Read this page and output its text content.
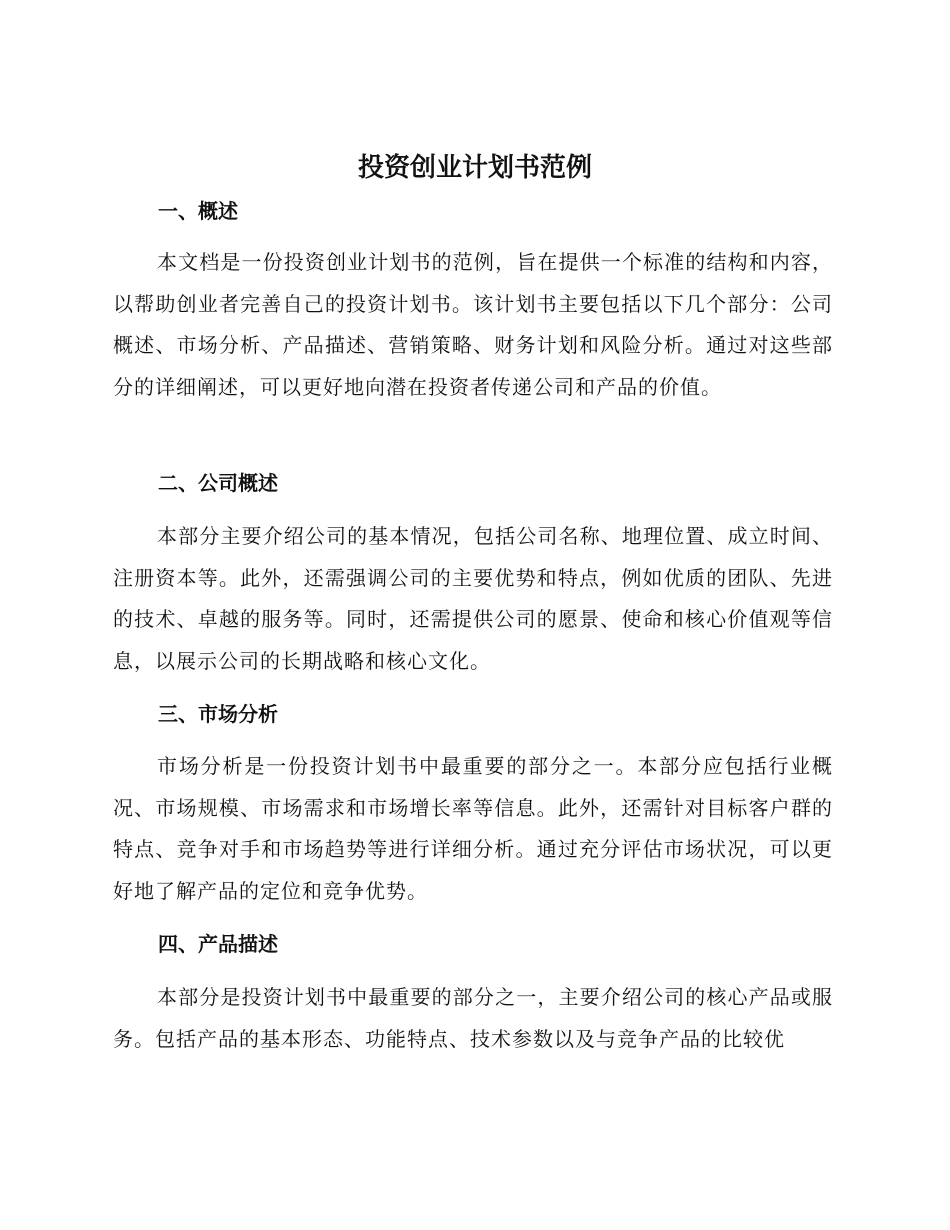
投资创业计划书范例
一、概述
本文档是一份投资创业计划书的范例，旨在提供一个标准的结构和内容，以帮助创业者完善自己的投资计划书。该计划书主要包括以下几个部分：公司概述、市场分析、产品描述、营销策略、财务计划和风险分析。通过对这些部分的详细阐述，可以更好地向潜在投资者传递公司和产品的价值。
二、公司概述
本部分主要介绍公司的基本情况，包括公司名称、地理位置、成立时间、注册资本等。此外，还需强调公司的主要优势和特点，例如优质的团队、先进的技术、卓越的服务等。同时，还需提供公司的愿景、使命和核心价值观等信息，以展示公司的长期战略和核心文化。
三、市场分析
市场分析是一份投资计划书中最重要的部分之一。本部分应包括行业概况、市场规模、市场需求和市场增长率等信息。此外，还需针对目标客户群的特点、竞争对手和市场趋势等进行详细分析。通过充分评估市场状况，可以更好地了解产品的定位和竞争优势。
四、产品描述
本部分是投资计划书中最重要的部分之一，主要介绍公司的核心产品或服务。包括产品的基本形态、功能特点、技术参数以及与竞争产品的比较优
